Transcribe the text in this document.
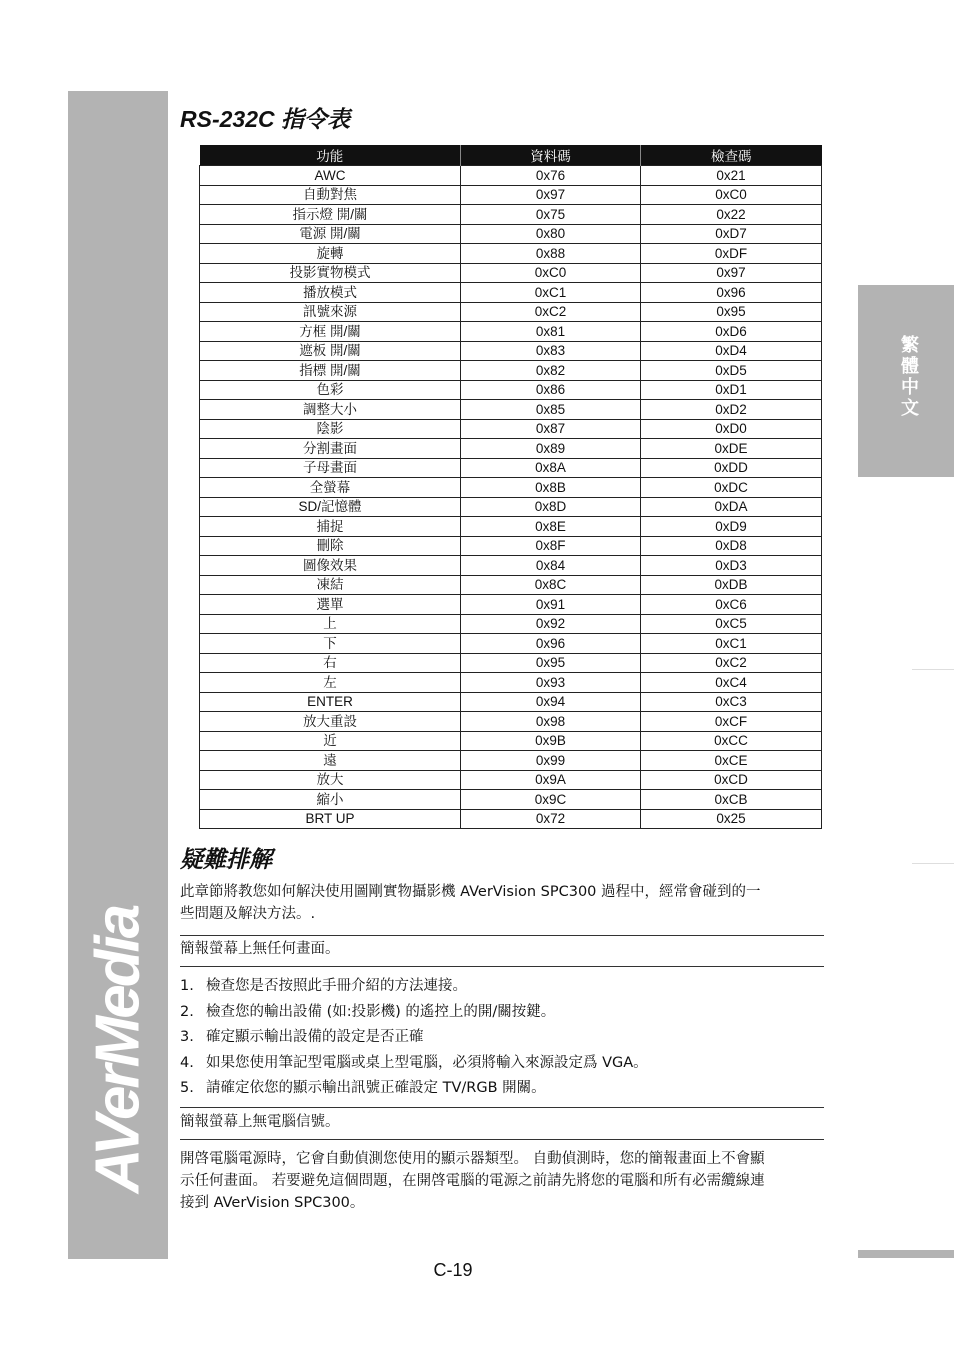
AVerMedia
繁體中文
RS-232C 指令表
功能	資料碼	檢查碼
AWC	0x76	0x21
自動對焦	0x97	0xC0
指示燈 開/關	0x75	0x22
電源 開/關	0x80	0xD7
旋轉	0x88	0xDF
投影實物模式	0xC0	0x97
播放模式	0xC1	0x96
訊號來源	0xC2	0x95
方框 開/關	0x81	0xD6
遮板 開/關	0x83	0xD4
指標 開/關	0x82	0xD5
色彩	0x86	0xD1
調整大小	0x85	0xD2
陰影	0x87	0xD0
分割畫面	0x89	0xDE
子母畫面	0x8A	0xDD
全螢幕	0x8B	0xDC
SD/記憶體	0x8D	0xDA
捕捉	0x8E	0xD9
刪除	0x8F	0xD8
圖像效果	0x84	0xD3
凍結	0x8C	0xDB
選單	0x91	0xC6
上	0x92	0xC5
下	0x96	0xC1
右	0x95	0xC2
左	0x93	0xC4
ENTER	0x94	0xC3
放大重設	0x98	0xCF
近	0x9B	0xCC
遠	0x99	0xCE
放大	0x9A	0xCD
縮小	0x9C	0xCB
BRT UP	0x72	0x25
疑難排解

此章節將教您如何解決使用圖剛實物攝影機 AVerVision SPC300 過程中，經常會碰到的一
些問題及解決方法。.

簡報螢幕上無任何畫面。

1. 檢查您是否按照此手冊介紹的方法連接。
2. 檢查您的輸出設備 (如:投影機) 的遙控上的開/關按鍵。
3. 確定顯示輸出設備的設定是否正確
4. 如果您使用筆記型電腦或桌上型電腦，必須將輸入來源設定爲 VGA。
5. 請確定依您的顯示輸出訊號正確設定 TV/RGB 開關。

簡報螢幕上無電腦信號。

開啓電腦電源時，它會自動偵測您使用的顯示器類型。 自動偵測時，您的簡報畫面上不會顯
示任何畫面。 若要避免這個問題，在開啓電腦的電源之前請先將您的電腦和所有必需纜線連
接到 AVerVision SPC300。

C-19
